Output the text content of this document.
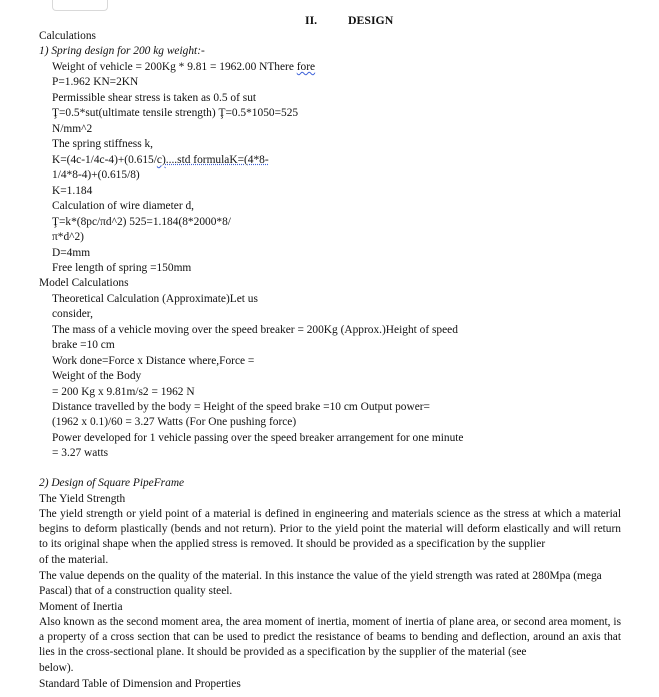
II.	DESIGN
Calculations
1) Spring design for 200 kg weight:-
Weight of vehicle = 200Kg * 9.81 = 1962.00 NThere fore
P=1.962 KN=2KN
Permissible shear stress is taken as 0.5 of sut
Ţ=0.5*sut(ultimate tensile strength) Ţ=0.5*1050=525
N/mm^2
The spring stiffness k,
K=(4c-1/4c-4)+(0.615/c)....std formulaK=(4*8-
1/4*8-4)+(0.615/8)
K=1.184
Calculation of wire diameter d,
Ţ=k*(8pc/πd^2) 525=1.184(8*2000*8/
π*d^2)
D=4mm
Free length of spring =150mm
Model Calculations
Theoretical Calculation (Approximate)Let us
consider,
The mass of a vehicle moving over the speed breaker = 200Kg (Approx.)Height of speed
brake =10 cm
Work done=Force x Distance where,Force =
Weight of the Body
= 200 Kg x 9.81m/s2 = 1962 N
Distance travelled by the body = Height of the speed brake =10 cm Output power=
(1962 x 0.1)/60 = 3.27 Watts (For One pushing force)
Power developed for 1 vehicle passing over the speed breaker arrangement for one minute
= 3.27 watts
2) Design of Square PipeFrame
The Yield Strength
The yield strength or yield point of a material is defined in engineering and materials science as the stress at which a material begins to deform plastically (bends and not return). Prior to the yield point the material will deform elastically and will return to its original shape when the applied stress is removed. It should be provided as a specification by the supplier
of the material.
The value depends on the quality of the material. In this instance the value of the yield strength was rated at 280Mpa (mega
Pascal) that of a construction quality steel.
Moment of Inertia
Also known as the second moment area, the area moment of inertia, moment of inertia of plane area, or second area moment, is a property of a cross section that can be used to predict the resistance of beams to bending and deflection, around an axis that lies in the cross-sectional plane. It should be provided as a specification by the supplier of the material (see
below).
Standard Table of Dimension and Properties
